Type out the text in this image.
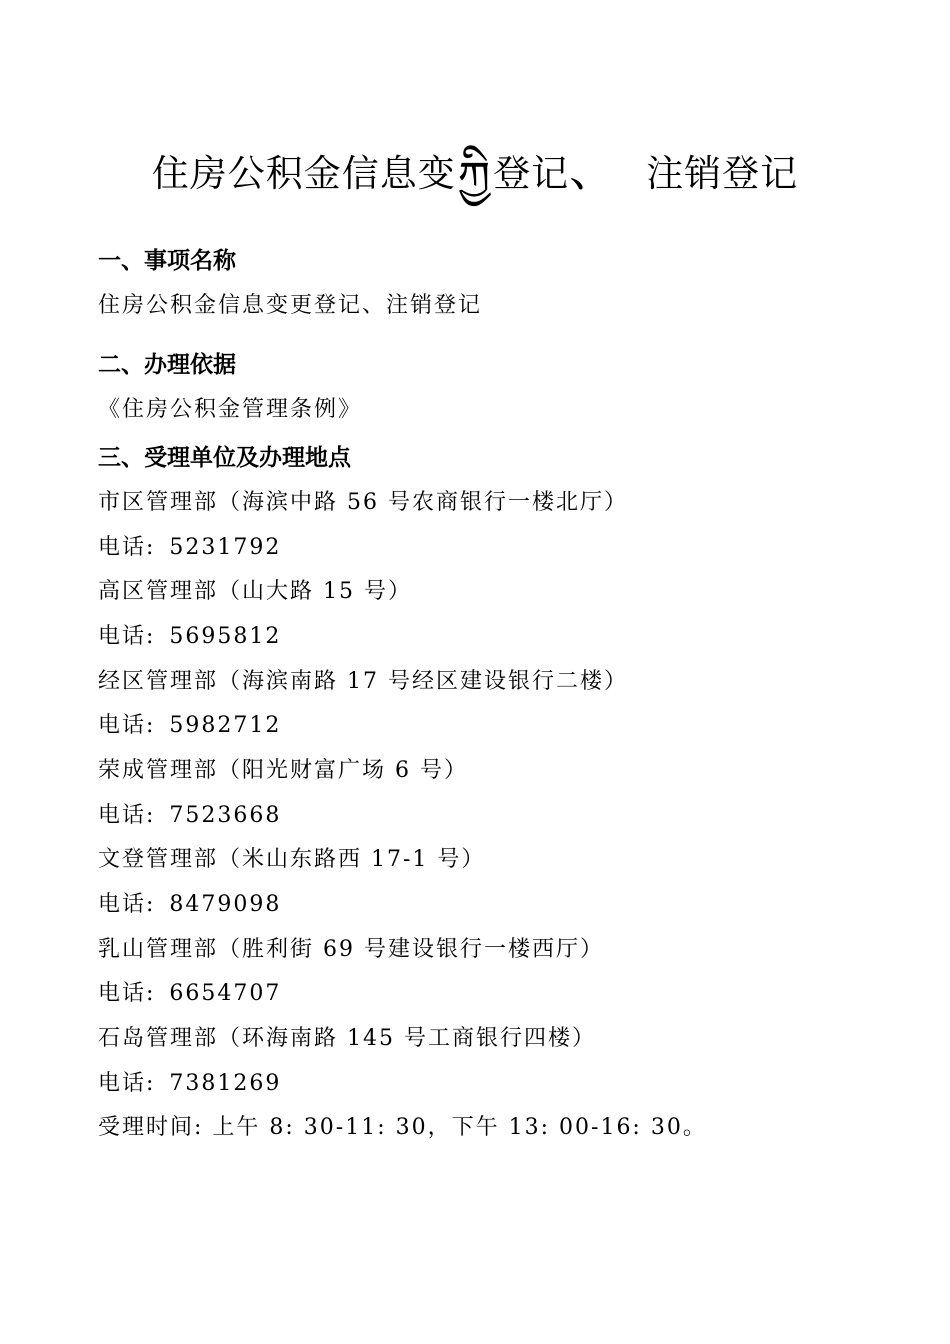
住房公积金信息变ཀྱི登记、 注销登记
一、事项名称
住房公积金信息变更登记、注销登记
二、办理依据
《住房公积金管理条例》
三、受理单位及办理地点
市区管理部（海滨中路 56 号农商银行一楼北厅）
电话: 5231792
高区管理部（山大路 15 号）
电话: 5695812
经区管理部（海滨南路 17 号经区建设银行二楼）
电话: 5982712
荣成管理部（阳光财富广场 6 号）
电话: 7523668
文登管理部（米山东路西 17-1 号）
电话: 8479098
乳山管理部（胜利街 69 号建设银行一楼西厅）
电话: 6654707
石岛管理部（环海南路 145 号工商银行四楼）
电话: 7381269
受理时间: 上午 8: 30-11: 30，下午 13: 00-16: 30。
